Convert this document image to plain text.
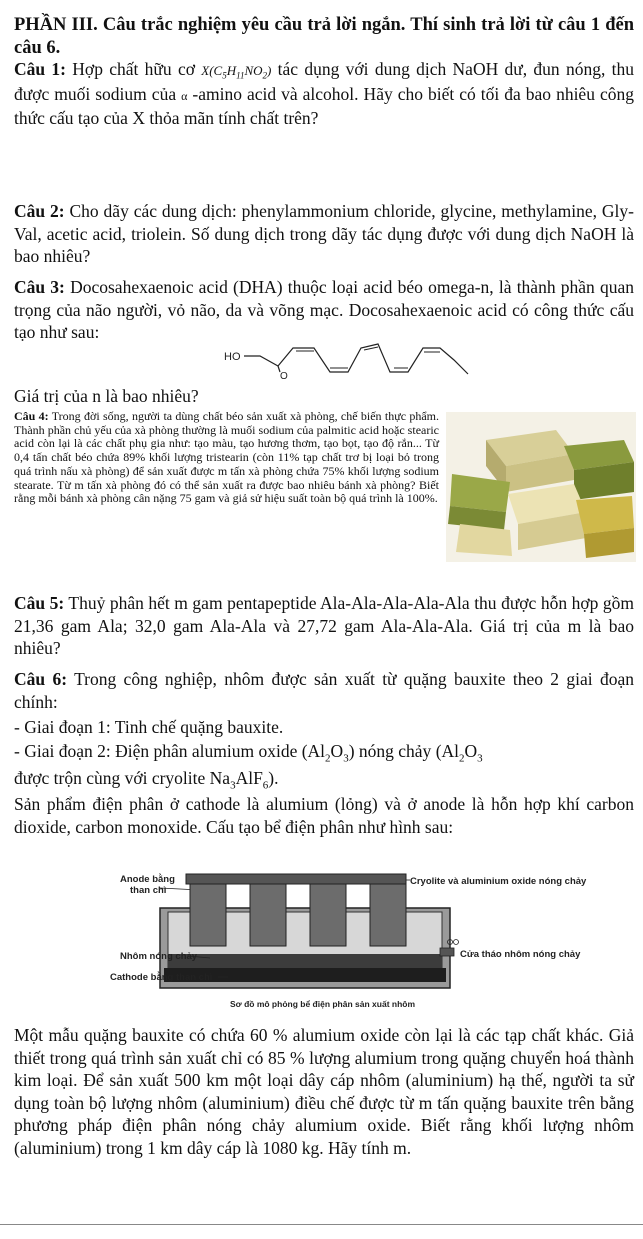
PHẦN III. Câu trắc nghiệm yêu cầu trả lời ngắn. Thí sinh trả lời từ câu 1 đến câu 6.
Câu 1: Hợp chất hữu cơ $X(C_5H_{11}NO_2)$ tác dụng với dung dịch NaOH dư, đun nóng, thu được muối sodium của α -amino acid và alcohol. Hãy cho biết có tối đa bao nhiêu công thức cấu tạo của X thỏa mãn tính chất trên?
Câu 2: Cho dãy các dung dịch: phenylammonium chloride, glycine, methylamine, Gly-Val, acetic acid, triolein. Số dung dịch trong dãy tác dụng được với dung dịch NaOH là bao nhiêu?
Câu 3: Docosahexaenoic acid (DHA) thuộc loại acid béo omega-n, là thành phần quan trọng của não người, vỏ não, da và võng mạc. Docosahexaenoic acid có công thức cấu tạo như sau:
HO
O
Giá trị của n là bao nhiêu?
Câu 4: Trong đời sống, người ta dùng chất béo sản xuất xà phòng, chế biến thực phẩm. Thành phần chủ yếu của xà phòng thường là muối sodium của palmitic acid hoặc stearic acid còn lại là các chất phụ gia như: tạo màu, tạo hương thơm, tạo bọt, tạo độ rắn... Từ 0,4 tấn chất béo chứa 89% khối lượng tristearin (còn 11% tạp chất trơ bị loại bỏ trong quá trình nấu xà phòng) để sản xuất được m tấn xà phòng chứa 75% khối lượng sodium stearate. Từ m tấn xà phòng đó có thể sản xuất ra được bao nhiêu bánh xà phòng? Biết rằng mỗi bánh xà phòng cân nặng 75 gam và giả sử hiệu suất toàn bộ quá trình là 100%.
Câu 5: Thuỷ phân hết m gam pentapeptide Ala-Ala-Ala-Ala-Ala thu được hỗn hợp gồm 21,36 gam Ala; 32,0 gam Ala-Ala và 27,72 gam Ala-Ala-Ala. Giá trị của m là bao nhiêu?
Câu 6: Trong công nghiệp, nhôm được sản xuất từ quặng bauxite theo 2 giai đoạn chính:
- Giai đoạn 1: Tinh chế quặng bauxite.
- Giai đoạn 2: Điện phân alumium oxide $(Al_2O_3)$ nóng chảy ($Al_2O_3$
được trộn cùng với cryolite $Na_3AlF_6$).
Sản phẩm điện phân ở cathode là alumium (lỏng) và ở anode là hỗn hợp khí carbon dioxide, carbon monoxide. Cấu tạo bể điện phân như hình sau:
Anode bằng
than chì
Cryolite và aluminium oxide nóng chảy
Nhôm nóng chảy
Cathode bằng than chì
Cửa tháo nhôm nóng chảy
Sơ đồ mô phỏng bể điện phân sản xuất nhôm
Một mẫu quặng bauxite có chứa 60 % alumium oxide còn lại là các tạp chất khác. Giả thiết trong quá trình sản xuất chỉ có 85 % lượng alumium trong quặng chuyển hoá thành kim loại. Để sản xuất 500 km một loại dây cáp nhôm (aluminium) hạ thế, người ta sử dụng toàn bộ lượng nhôm (aluminium) điều chế được từ m tấn quặng bauxite trên bằng phương pháp điện phân nóng chảy alumium oxide. Biết rằng khối lượng nhôm (aluminium) trong 1 km dây cáp là 1080 kg. Hãy tính m.
